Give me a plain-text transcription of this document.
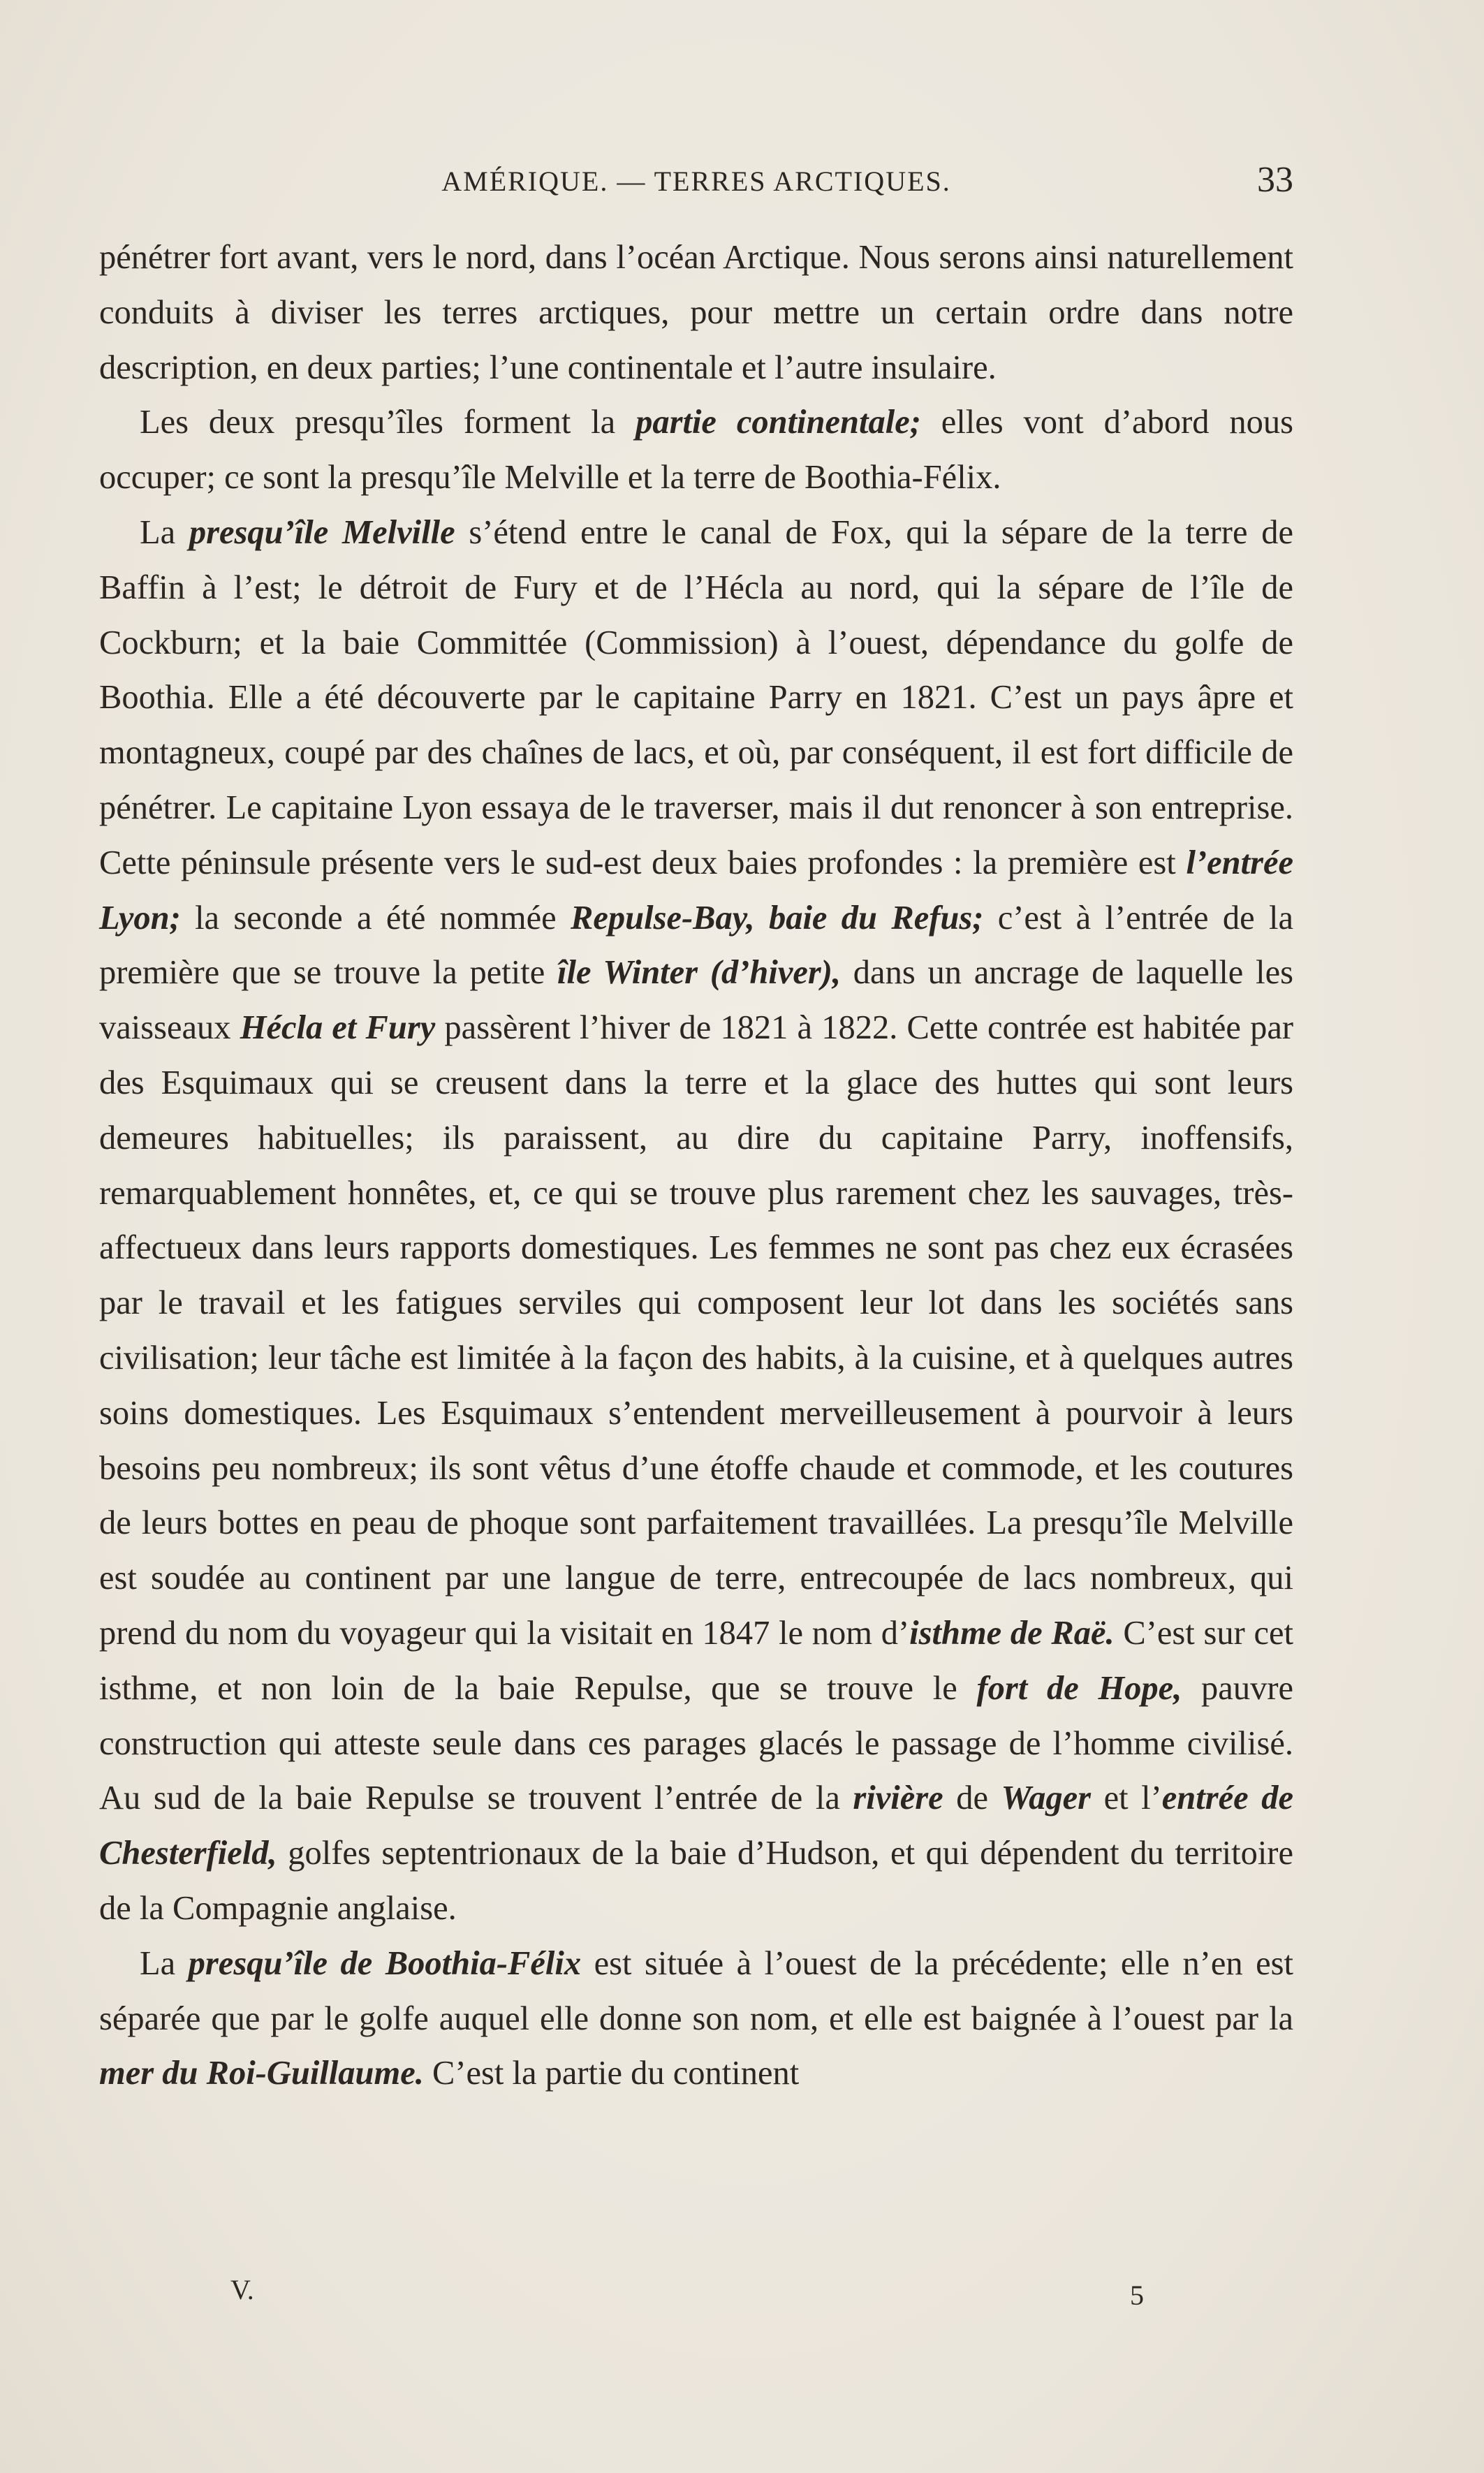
AMÉRIQUE. — TERRES ARCTIQUES.	33

pénétrer fort avant, vers le nord, dans l’océan Arctique. Nous serons ainsi naturellement conduits à diviser les terres arctiques, pour mettre un certain ordre dans notre description, en deux parties; l’une continentale et l’autre insulaire.

Les deux presqu’îles forment la partie continentale; elles vont d’abord nous occuper; ce sont la presqu’île Melville et la terre de Boothia-Félix.

La presqu’île Melville s’étend entre le canal de Fox, qui la sépare de la terre de Baffin à l’est; le détroit de Fury et de l’Hécla au nord, qui la sépare de l’île de Cockburn; et la baie Committée (Commission) à l’ouest, dépendance du golfe de Boothia. Elle a été découverte par le capitaine Parry en 1821. C’est un pays âpre et montagneux, coupé par des chaînes de lacs, et où, par conséquent, il est fort difficile de pénétrer. Le capitaine Lyon essaya de le traverser, mais il dut renoncer à son entreprise. Cette péninsule présente vers le sud-est deux baies profondes : la première est l’entrée Lyon; la seconde a été nommée Repulse-Bay, baie du Refus; c’est à l’entrée de la première que se trouve la petite île Winter (d’hiver), dans un ancrage de laquelle les vaisseaux Hécla et Fury passèrent l’hiver de 1821 à 1822. Cette contrée est habitée par des Esquimaux qui se creusent dans la terre et la glace des huttes qui sont leurs demeures habituelles; ils paraissent, au dire du capitaine Parry, inoffensifs, remarquablement honnêtes, et, ce qui se trouve plus rarement chez les sauvages, très-affectueux dans leurs rapports domestiques. Les femmes ne sont pas chez eux écrasées par le travail et les fatigues serviles qui composent leur lot dans les sociétés sans civilisation; leur tâche est limitée à la façon des habits, à la cuisine, et à quelques autres soins domestiques. Les Esquimaux s’entendent merveilleusement à pourvoir à leurs besoins peu nombreux; ils sont vêtus d’une étoffe chaude et commode, et les coutures de leurs bottes en peau de phoque sont parfaitement travaillées. La presqu’île Melville est soudée au continent par une langue de terre, entrecoupée de lacs nombreux, qui prend du nom du voyageur qui la visitait en 1847 le nom d’isthme de Raë. C’est sur cet isthme, et non loin de la baie Repulse, que se trouve le fort de Hope, pauvre construction qui atteste seule dans ces parages glacés le passage de l’homme civilisé. Au sud de la baie Repulse se trouvent l’entrée de la rivière de Wager et l’entrée de Chesterfield, golfes septentrionaux de la baie d’Hudson, et qui dépendent du territoire de la Compagnie anglaise.

La presqu’île de Boothia-Félix est située à l’ouest de la précédente; elle n’en est séparée que par le golfe auquel elle donne son nom, et elle est baignée à l’ouest par la mer du Roi-Guillaume. C’est la partie du continent

V.	5
